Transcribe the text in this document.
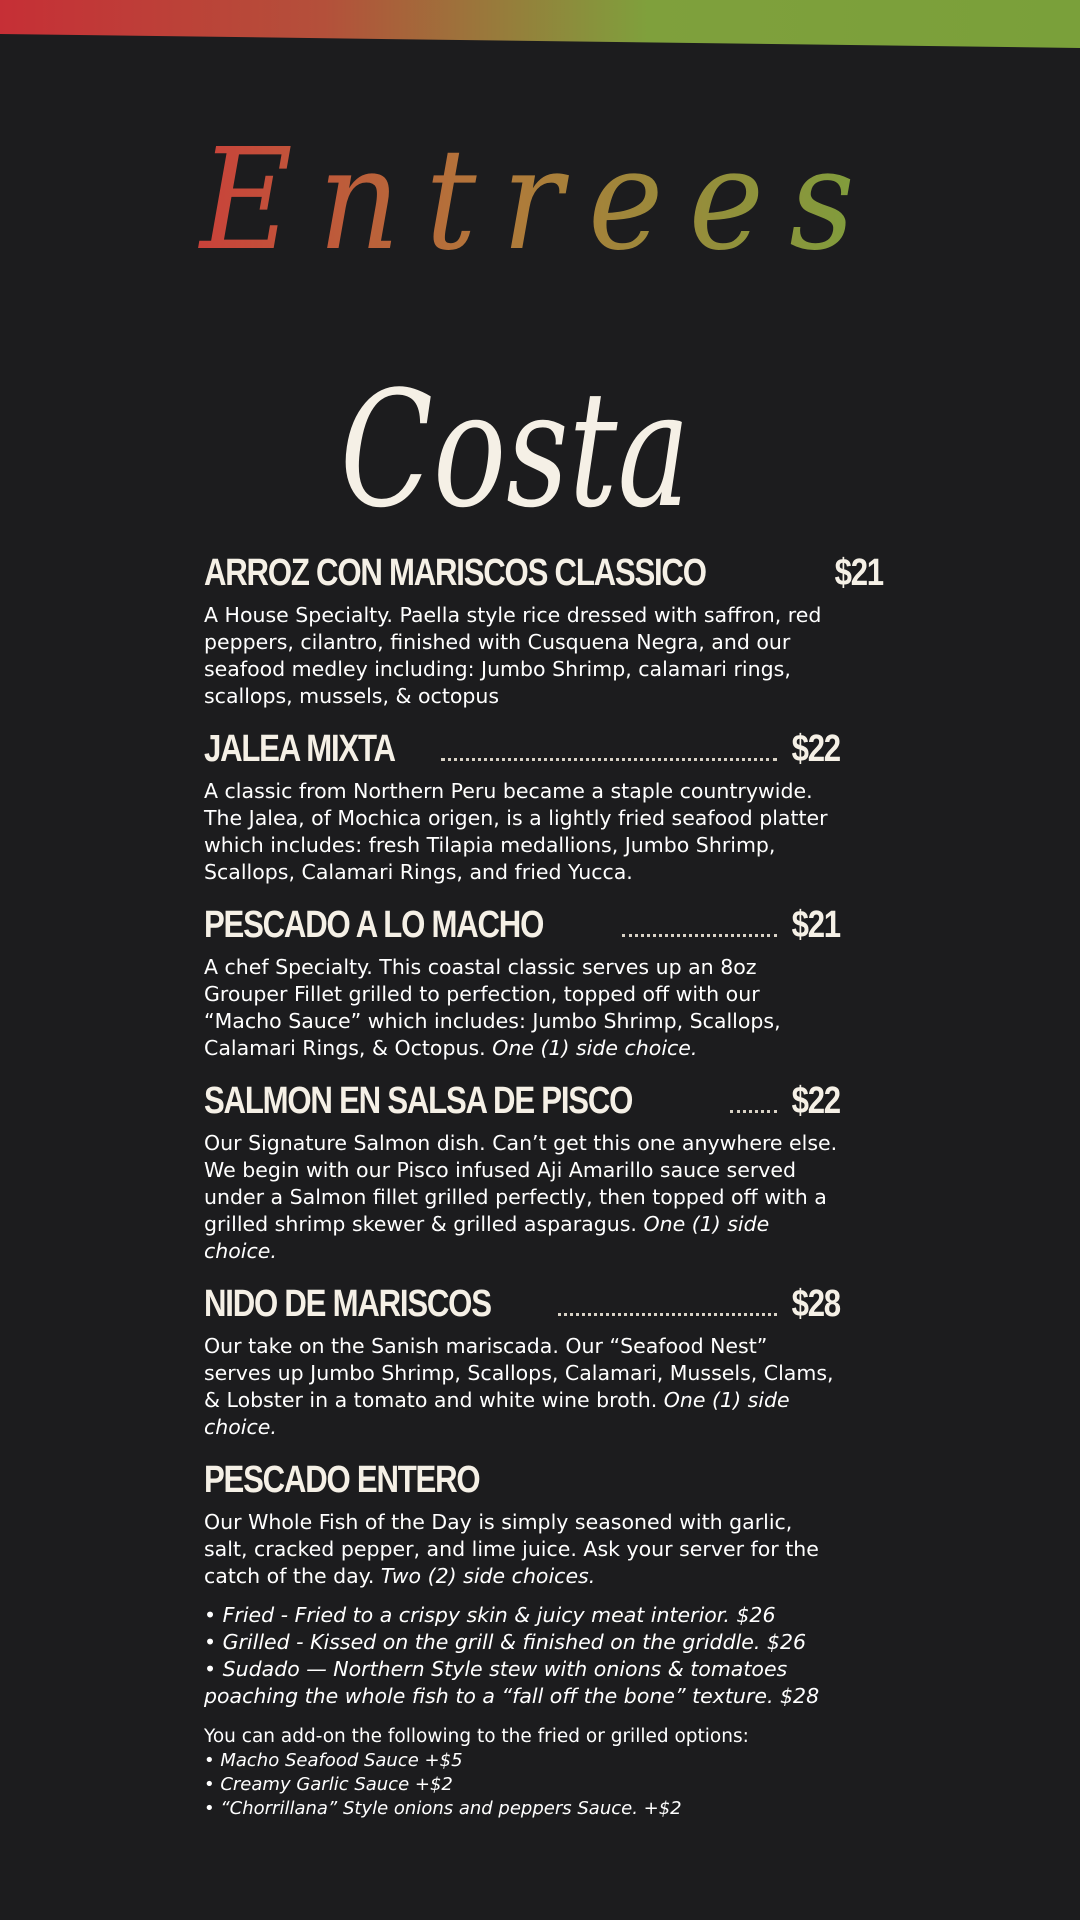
Entrees
Costa
ARROZ CON MARISCOS CLASSICO	$21

A House Specialty. Paella style rice dressed with saffron, red peppers, cilantro, finished with Cusquena Negra, and our seafood medley including: Jumbo Shrimp, calamari rings, scallops, mussels, & octopus

JALEA MIXTA	$22

A classic from Northern Peru became a staple countrywide. The Jalea, of Mochica origen, is a lightly fried seafood platter which includes: fresh Tilapia medallions, Jumbo Shrimp, Scallops, Calamari Rings, and fried Yucca.

PESCADO A LO MACHO	$21

A chef Specialty. This coastal classic serves up an 8oz Grouper Fillet grilled to perfection, topped off with our “Macho Sauce” which includes: Jumbo Shrimp, Scallops, Calamari Rings, & Octopus. One (1) side choice.

SALMON EN SALSA DE PISCO	$22

Our Signature Salmon dish. Can’t get this one anywhere else. We begin with our Pisco infused Aji Amarillo sauce served under a Salmon fillet grilled perfectly, then topped off with a grilled shrimp skewer & grilled asparagus. One (1) side choice.

NIDO DE MARISCOS	$28

Our take on the Sanish mariscada. Our “Seafood Nest” serves up Jumbo Shrimp, Scallops, Calamari, Mussels, Clams, & Lobster in a tomato and white wine broth. One (1) side choice.

PESCADO ENTERO

Our Whole Fish of the Day is simply seasoned with garlic, salt, cracked pepper, and lime juice. Ask your server for the catch of the day. Two (2) side choices.

• Fried - Fried to a crispy skin & juicy meat interior. $26
• Grilled - Kissed on the grill & finished on the griddle. $26
• Sudado — Northern Style stew with onions & tomatoes poaching the whole fish to a “fall off the bone” texture. $28
You can add-on the following to the fried or grilled options:
• Macho Seafood Sauce +$5
• Creamy Garlic Sauce +$2
• “Chorrillana” Style onions and peppers Sauce. +$2
